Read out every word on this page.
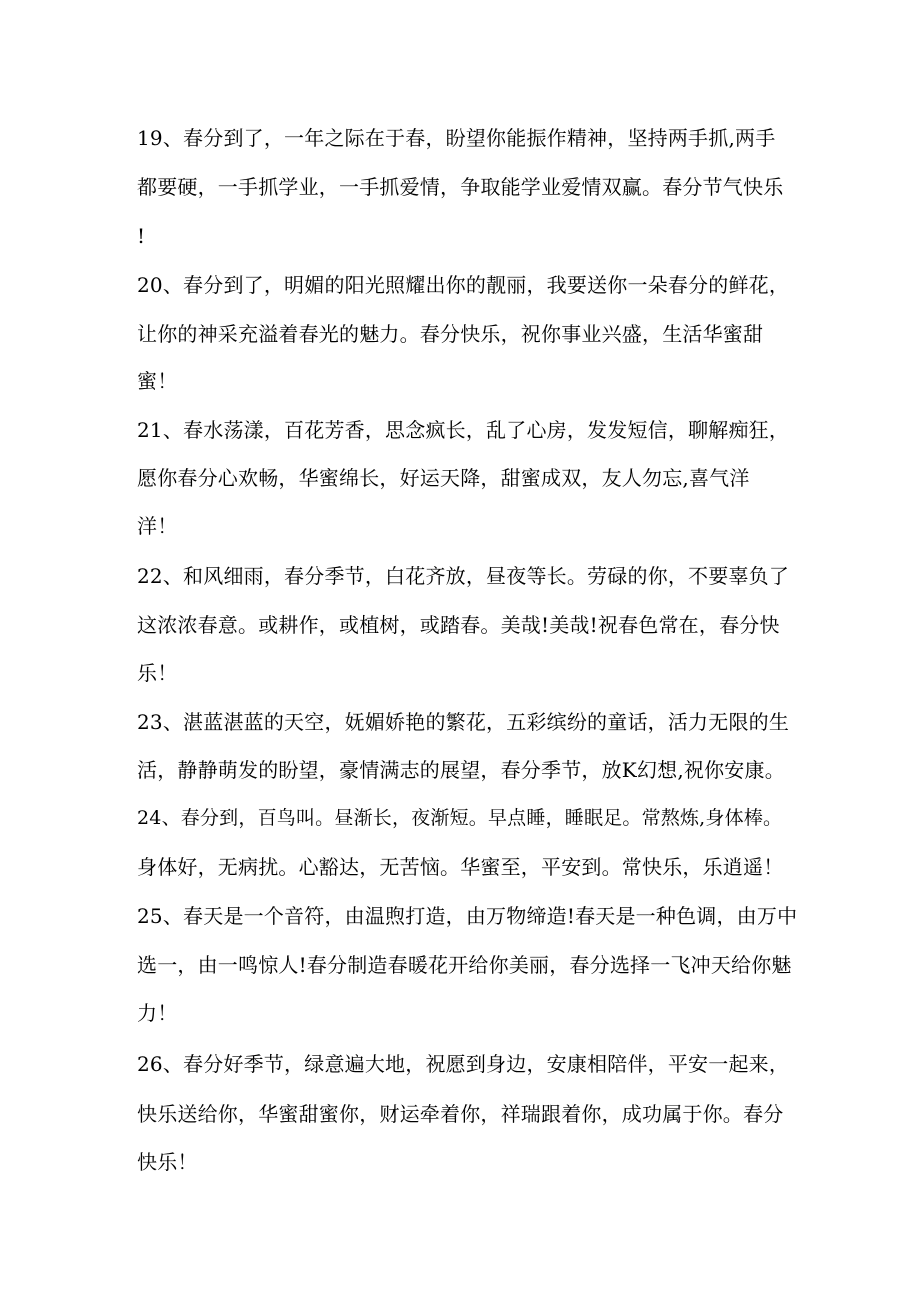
19、春分到了，一年之际在于春，盼望你能振作精神，坚持两手抓,两手
都要硬，一手抓学业，一手抓爱情，争取能学业爱情双赢。春分节气快乐
!
20、春分到了，明媚的阳光照耀出你的靓丽，我要送你一朵春分的鲜花，
让你的神采充溢着春光的魅力。春分快乐，祝你事业兴盛，生活华蜜甜
蜜！
21、春水荡漾，百花芳香，思念疯长，乱了心房，发发短信，聊解痴狂，
愿你春分心欢畅，华蜜绵长，好运天降，甜蜜成双，友人勿忘,喜气洋
洋！
22、和风细雨，春分季节，白花齐放，昼夜等长。劳碌的你，不要辜负了
这浓浓春意。或耕作，或植树，或踏春。美哉!美哉!祝春色常在，春分快
乐！
23、湛蓝湛蓝的天空，妩媚娇艳的繁花，五彩缤纷的童话，活力无限的生
活，静静萌发的盼望，豪情满志的展望，春分季节，放K幻想,祝你安康。
24、春分到，百鸟叫。昼渐长，夜渐短。早点睡，睡眠足。常熬炼,身体棒。
身体好，无病扰。心豁达，无苦恼。华蜜至，平安到。常快乐，乐逍遥！
25、春天是一个音符，由温煦打造，由万物缔造!春天是一种色调，由万中
选一，由一鸣惊人!春分制造春暖花开给你美丽，春分选择一飞冲天给你魅
力！
26、春分好季节，绿意遍大地，祝愿到身边，安康相陪伴，平安一起来，
快乐送给你，华蜜甜蜜你，财运牵着你，祥瑞跟着你，成功属于你。春分
快乐！
